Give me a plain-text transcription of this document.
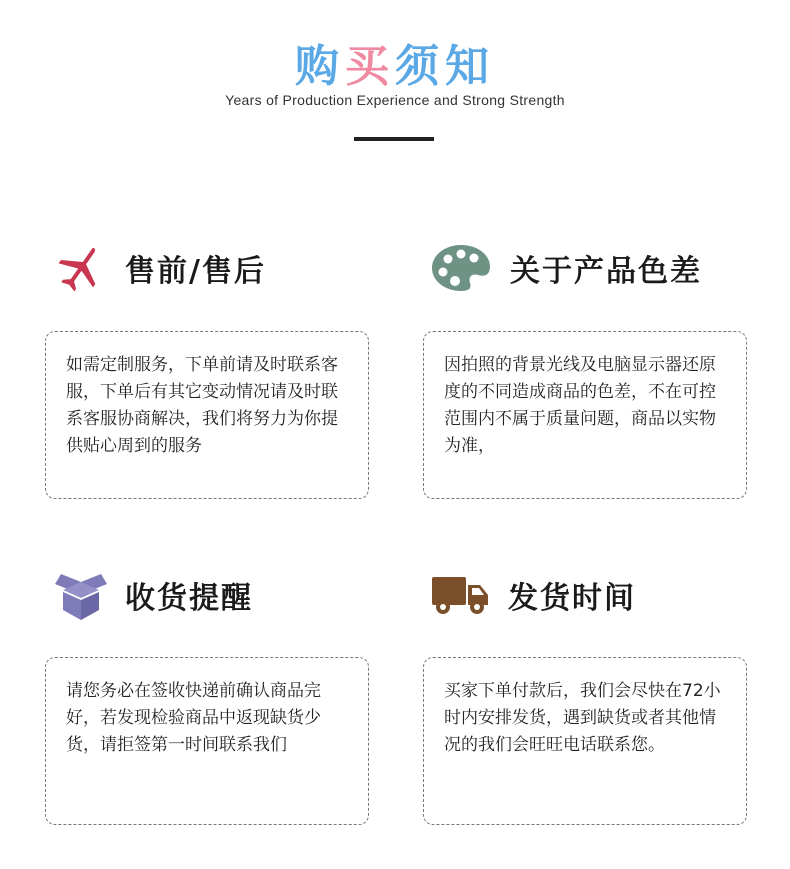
购买须知
Years of Production Experience and Strong Strength
售前/售后

如需定制服务，下单前请及时联系客服，下单后有其它变动情况请及时联系客服协商解决，我们将努力为你提供贴心周到的服务

关于产品色差

因拍照的背景光线及电脑显示器还原度的不同造成商品的色差，不在可控范围内不属于质量问题，商品以实物为准，

收货提醒

请您务必在签收快递前确认商品完好，若发现检验商品中返现缺货少货，请拒签第一时间联系我们

发货时间

买家下单付款后，我们会尽快在72小时内安排发货，遇到缺货或者其他情况的我们会旺旺电话联系您。
